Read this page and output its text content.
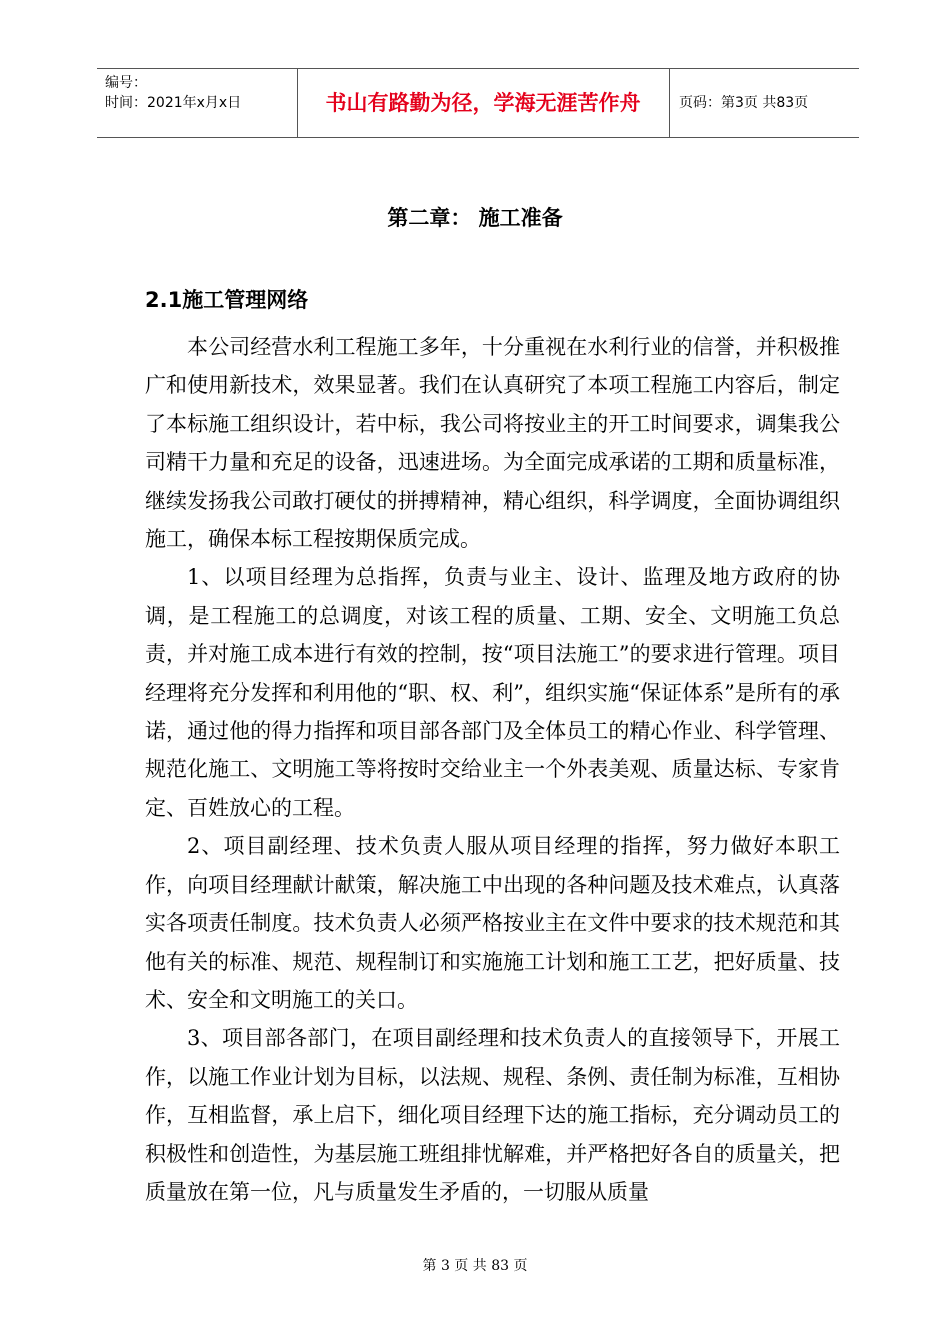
编号：
时间：2021年x月x日	书山有路勤为径，学海无涯苦作舟	页码：第3页 共83页
第二章： 施工准备
2.1施工管理网络

本公司经营水利工程施工多年，十分重视在水利行业的信誉，并积极推广和使用新技术，效果显著。我们在认真研究了本项工程施工内容后，制定了本标施工组织设计，若中标，我公司将按业主的开工时间要求，调集我公司精干力量和充足的设备，迅速进场。为全面完成承诺的工期和质量标准，继续发扬我公司敢打硬仗的拼搏精神，精心组织，科学调度，全面协调组织施工，确保本标工程按期保质完成。

1、以项目经理为总指挥，负责与业主、设计、监理及地方政府的协调，是工程施工的总调度，对该工程的质量、工期、安全、文明施工负总责，并对施工成本进行有效的控制，按“项目法施工”的要求进行管理。项目经理将充分发挥和利用他的“职、权、利”，组织实施“保证体系”是所有的承诺，通过他的得力指挥和项目部各部门及全体员工的精心作业、科学管理、规范化施工、文明施工等将按时交给业主一个外表美观、质量达标、专家肯定、百姓放心的工程。

2、项目副经理、技术负责人服从项目经理的指挥，努力做好本职工作，向项目经理献计献策，解决施工中出现的各种问题及技术难点，认真落实各项责任制度。技术负责人必须严格按业主在文件中要求的技术规范和其他有关的标准、规范、规程制订和实施施工计划和施工工艺，把好质量、技术、安全和文明施工的关口。

3、项目部各部门，在项目副经理和技术负责人的直接领导下，开展工作，以施工作业计划为目标，以法规、规程、条例、责任制为标准，互相协作，互相监督，承上启下，细化项目经理下达的施工指标，充分调动员工的积极性和创造性，为基层施工班组排忧解难，并严格把好各自的质量关，把质量放在第一位，凡与质量发生矛盾的，一切服从质量

第 3 页 共 83 页
